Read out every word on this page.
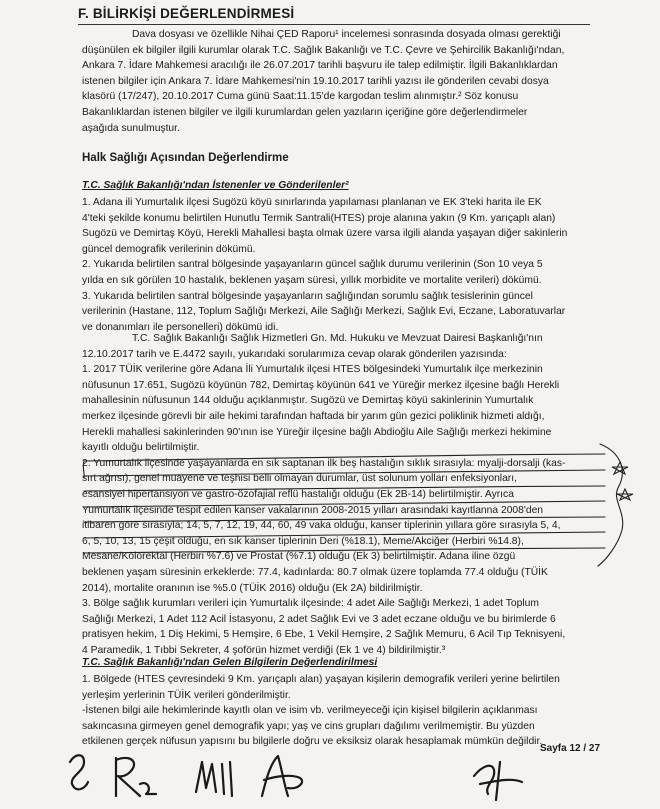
F. BİLİRKİŞİ DEĞERLENDİRMESİ
Dava dosyası ve özellikle Nihai ÇED Raporu¹ incelemesi sonrasında dosyada olması gerektiği
düşünülen ek bilgiler ilgili kurumlar olarak T.C. Sağlık Bakanlığı ve T.C. Çevre ve Şehircilik Bakanlığı'ndan,
Ankara 7. İdare Mahkemesi aracılığı ile 26.07.2017 tarihli başvuru ile talep edilmiştir. İlgili Bakanlıklardan
istenen bilgiler için Ankara 7. İdare Mahkemesi'nin 19.10.2017 tarihli yazısı ile gönderilen cevabi dosya
klasörü (17/247), 20.10.2017 Cuma günü Saat:11.15'de kargodan teslim alınmıştır.² Söz konusu
Bakanlıklardan istenen bilgiler ve ilgili kurumlardan gelen yazıların içeriğine göre değerlendirmeler
aşağıda sunulmuştur.
Halk Sağlığı Açısından Değerlendirme
T.C. Sağlık Bakanlığı'ndan İstenenler ve Gönderilenler²
1. Adana ili Yumurtalık ilçesi Sugözü köyü sınırlarında yapılaması planlanan ve EK 3'teki harita ile EK
4'teki şekilde konumu belirtilen Hunutlu Termik Santrali(HTES) proje alanına yakın (9 Km. yarıçaplı alan)
Sugözü ve Demirtaş Köyü, Herekli Mahallesi başta olmak üzere varsa ilgili alanda yaşayan diğer sakinlerin
güncel demografik verilerinin dökümü.
2. Yukarıda belirtilen santral bölgesinde yaşayanların güncel sağlık durumu verilerinin (Son 10 veya 5
yılda en sık görülen 10 hastalık, beklenen yaşam süresi, yıllık morbidite ve mortalite verileri) dökümü.
3. Yukarıda belirtilen santral bölgesinde yaşayanların sağlığından sorumlu sağlık tesislerinin güncel
verilerinin (Hastane, 112, Toplum Sağlığı Merkezi, Aile Sağlığı Merkezi, Sağlık Evi, Eczane, Laboratuvarlar
ve donanımları ile personelleri) dökümü idi.
T.C. Sağlık Bakanlığı Sağlık Hizmetleri Gn. Md. Hukuku ve Mevzuat Dairesi Başkanlığı'nın
12.10.2017 tarih ve E.4472 sayılı, yukarıdaki sorularımıza cevap olarak gönderilen yazısında:
1. 2017 TÜİK verilerine göre Adana İli Yumurtalık ilçesi HTES bölgesindeki Yumurtalık ilçe merkezinin
nüfusunun 17.651, Sugözü köyünün 782, Demirtaş köyünün 641 ve Yüreğir merkez ilçesine bağlı Herekli
mahallesinin nüfusunun 144 olduğu açıklanmıştır. Sugözü ve Demirtaş köyü sakinlerinin Yumurtalık
merkez ilçesinde görevli bir aile hekimi tarafından haftada bir yarım gün gezici poliklinik hizmeti aldığı,
Herekli mahallesi sakinlerinden 90'ının ise Yüreğir ilçesine bağlı Abdioğlu Aile Sağlığı merkezi hekimine
kayıtlı olduğu belirtilmiştir.
2. Yumurtalık ilçesinde yaşayanlarda en sık saptanan ilk beş hastalığın sıklık sırasıyla: myalji-dorsalji (kas-
sırt ağrısı), genel muayene ve teşhisi belli olmayan durumlar, üst solunum yolları enfeksiyonları,
esansiyel hipertansiyon ve gastro-özofajial reflü hastalığı olduğu (Ek 2B-14) belirtilmiştir. Ayrıca
Yumurtalık ilçesinde tespit edilen kanser vakalarının 2008-2015 yılları arasındaki kayıtlanna 2008'den
itibaren göre sırasıyla; 14, 5, 7, 12, 19, 44, 60, 49 vaka olduğu, kanser tiplerinin yıllara göre sırasıyla 5, 4,
6, 5, 10, 13, 15 çeşit olduğu, en sık kanser tiplerinin Deri (%18.1), Meme/Akciğer (Herbiri %14.8),
Mesane/Kolorektal (Herbiri %7.6) ve Prostat (%7.1) olduğu (Ek 3) belirtilmiştir. Adana iline özgü
beklenen yaşam süresinin erkeklerde: 77.4, kadınlarda: 80.7 olmak üzere toplamda 77.4 olduğu (TÜİK
2014), mortalite oranının ise %5.0 (TÜİK 2016) olduğu (Ek 2A) bildirilmiştir.
3. Bölge sağlık kurumları verileri için Yumurtalık ilçesinde: 4 adet Aile Sağlığı Merkezi, 1 adet Toplum
Sağlığı Merkezi, 1 Adet 112 Acil İstasyonu, 2 adet Sağlık Evi ve 3 adet eczane olduğu ve bu birimlerde 6
pratisyen hekim, 1 Diş Hekimi, 5 Hemşire, 6 Ebe, 1 Vekil Hemşire, 2 Sağlık Memuru, 6 Acil Tıp Teknisyeni,
4 Paramedik, 1 Tıbbi Sekreter, 4 şoförün hizmet verdiği (Ek 1 ve 4) bildirilmiştir.³
T.C. Sağlık Bakanlığı'ndan Gelen Bilgilerin Değerlendirilmesi
1. Bölgede (HTES çevresindeki 9 Km. yarıçaplı alan) yaşayan kişilerin demografik verileri yerine belirtilen
yerleşim yerlerinin TÜİK verileri gönderilmiştir.
-İstenen bilgi aile hekimlerinde kayıtlı olan ve isim vb. verilmeyeceği için kişisel bilgilerin açıklanması
sakıncasına girmeyen genel demografik yapı; yaş ve cins grupları dağılımı verilmemiştir. Bu yüzden
etkilenen gerçek nüfusun yapısını bu bilgilerle doğru ve eksiksiz olarak hesaplamak mümkün değildir.
Sayfa 12 / 27
